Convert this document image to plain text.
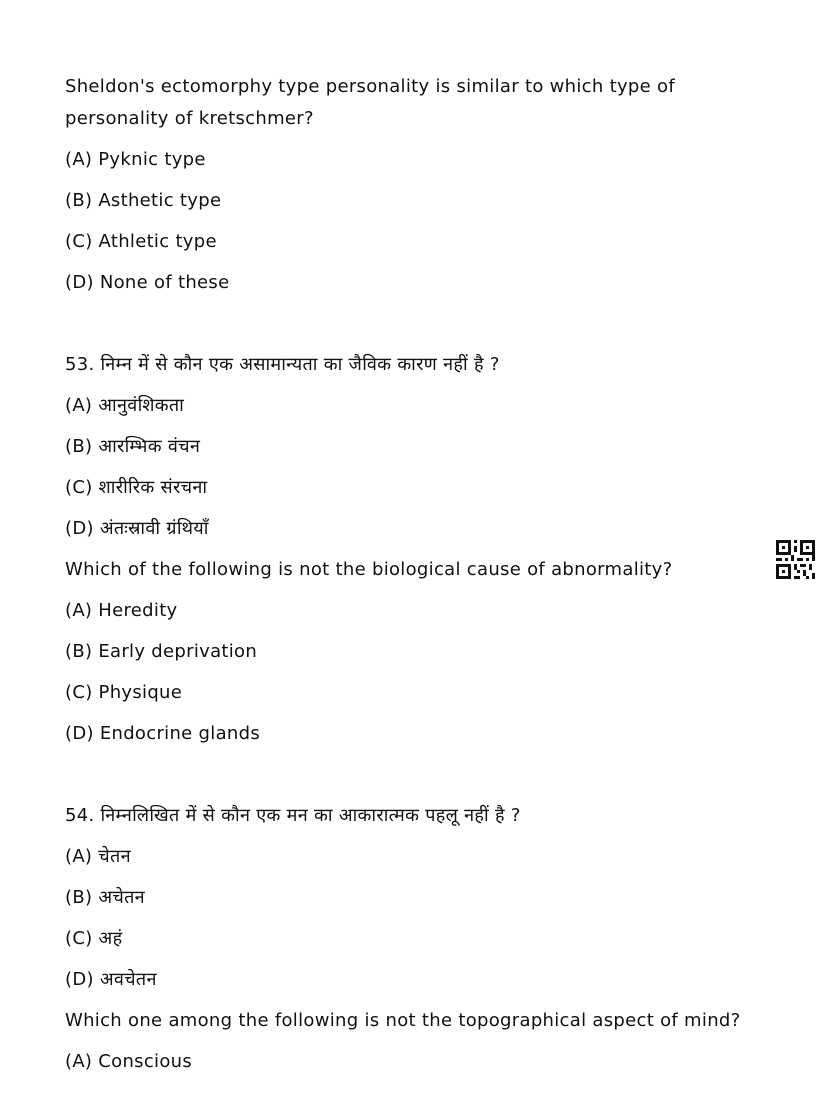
Sheldon's ectomorphy type personality is similar to which type of
personality of kretschmer?
(A) Pyknic type
(B) Asthetic type
(C) Athletic type
(D) None of these
53. निम्न में से कौन एक असामान्यता का जैविक कारण नहीं है ?
(A) आनुवंशिकता
(B) आरम्भिक वंचन
(C) शारीरिक संरचना
(D) अंतःस्रावी ग्रंथियाँ
Which of the following is not the biological cause of abnormality?
(A) Heredity
(B) Early deprivation
(C) Physique
(D) Endocrine glands
54. निम्नलिखित में से कौन एक मन का आकारात्मक पहलू नहीं है ?
(A) चेतन
(B) अचेतन
(C) अहं
(D) अवचेतन
Which one among the following is not the topographical aspect of mind?
(A) Conscious
